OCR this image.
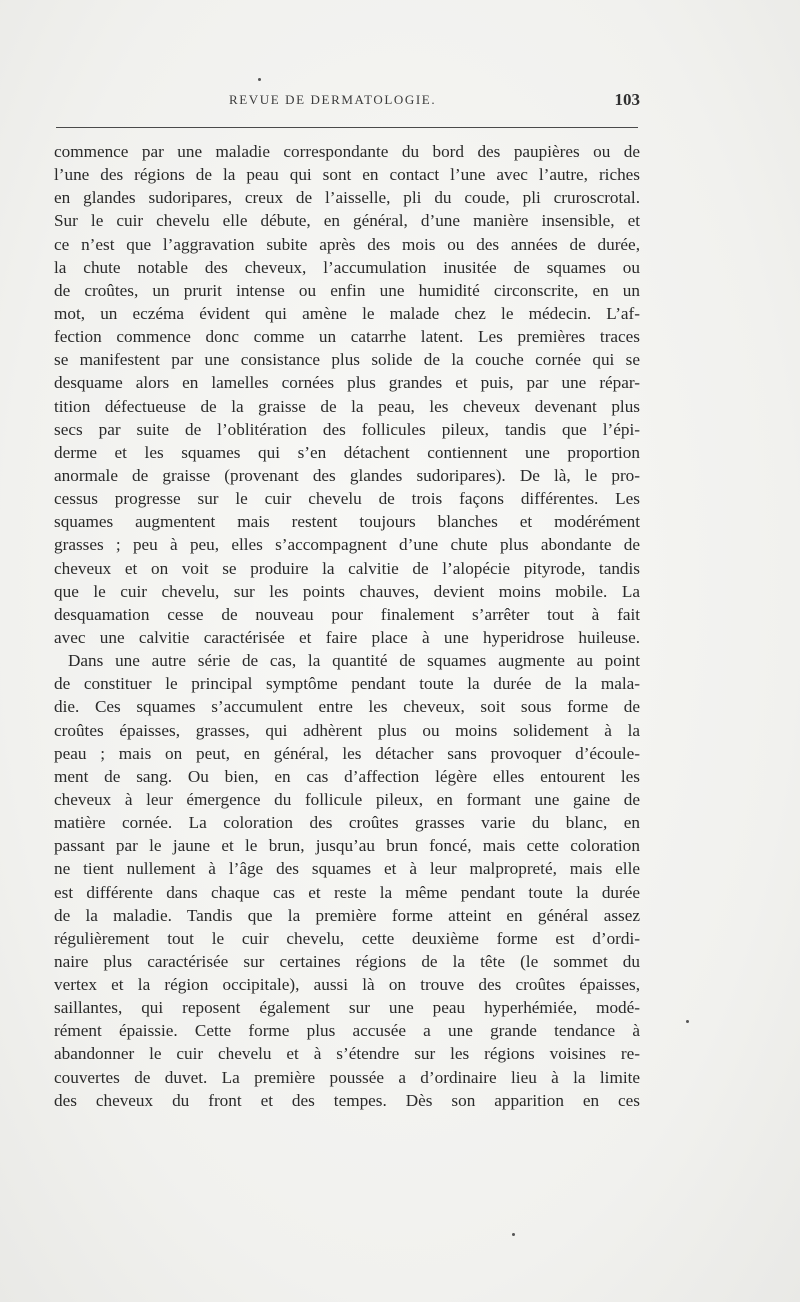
REVUE DE DERMATOLOGIE.	103
commence par une maladie correspondante du bord des paupières ou de
l’une des régions de la peau qui sont en contact l’une avec l’autre, riches
en glandes sudoripares, creux de l’aisselle, pli du coude, pli cruroscrotal.
Sur le cuir chevelu elle débute, en général, d’une manière insensible, et
ce n’est que l’aggravation subite après des mois ou des années de durée,
la chute notable des cheveux, l’accumulation inusitée de squames ou
de croûtes, un prurit intense ou enfin une humidité circonscrite, en un
mot, un eczéma évident qui amène le malade chez le médecin. L’af-
fection commence donc comme un catarrhe latent. Les premières traces
se manifestent par une consistance plus solide de la couche cornée qui se
desquame alors en lamelles cornées plus grandes et puis, par une répar-
tition défectueuse de la graisse de la peau, les cheveux devenant plus
secs par suite de l’oblitération des follicules pileux, tandis que l’épi-
derme et les squames qui s’en détachent contiennent une proportion
anormale de graisse (provenant des glandes sudoripares). De là, le pro-
cessus progresse sur le cuir chevelu de trois façons différentes. Les
squames augmentent mais restent toujours blanches et modérément
grasses ; peu à peu, elles s’accompagnent d’une chute plus abondante de
cheveux et on voit se produire la calvitie de l’alopécie pityrode, tandis
que le cuir chevelu, sur les points chauves, devient moins mobile. La
desquamation cesse de nouveau pour finalement s’arrêter tout à fait
avec une calvitie caractérisée et faire place à une hyperidrose huileuse.
Dans une autre série de cas, la quantité de squames augmente au point
de constituer le principal symptôme pendant toute la durée de la mala-
die. Ces squames s’accumulent entre les cheveux, soit sous forme de
croûtes épaisses, grasses, qui adhèrent plus ou moins solidement à la
peau ; mais on peut, en général, les détacher sans provoquer d’écoule-
ment de sang. Ou bien, en cas d’affection légère elles entourent les
cheveux à leur émergence du follicule pileux, en formant une gaine de
matière cornée. La coloration des croûtes grasses varie du blanc, en
passant par le jaune et le brun, jusqu’au brun foncé, mais cette coloration
ne tient nullement à l’âge des squames et à leur malpropreté, mais elle
est différente dans chaque cas et reste la même pendant toute la durée
de la maladie. Tandis que la première forme atteint en général assez
régulièrement tout le cuir chevelu, cette deuxième forme est d’ordi-
naire plus caractérisée sur certaines régions de la tête (le sommet du
vertex et la région occipitale), aussi là on trouve des croûtes épaisses,
saillantes, qui reposent également sur une peau hyperhémiée, modé-
rément épaissie. Cette forme plus accusée a une grande tendance à
abandonner le cuir chevelu et à s’étendre sur les régions voisines re-
couvertes de duvet. La première poussée a d’ordinaire lieu à la limite
des cheveux du front et des tempes. Dès son apparition en ces
